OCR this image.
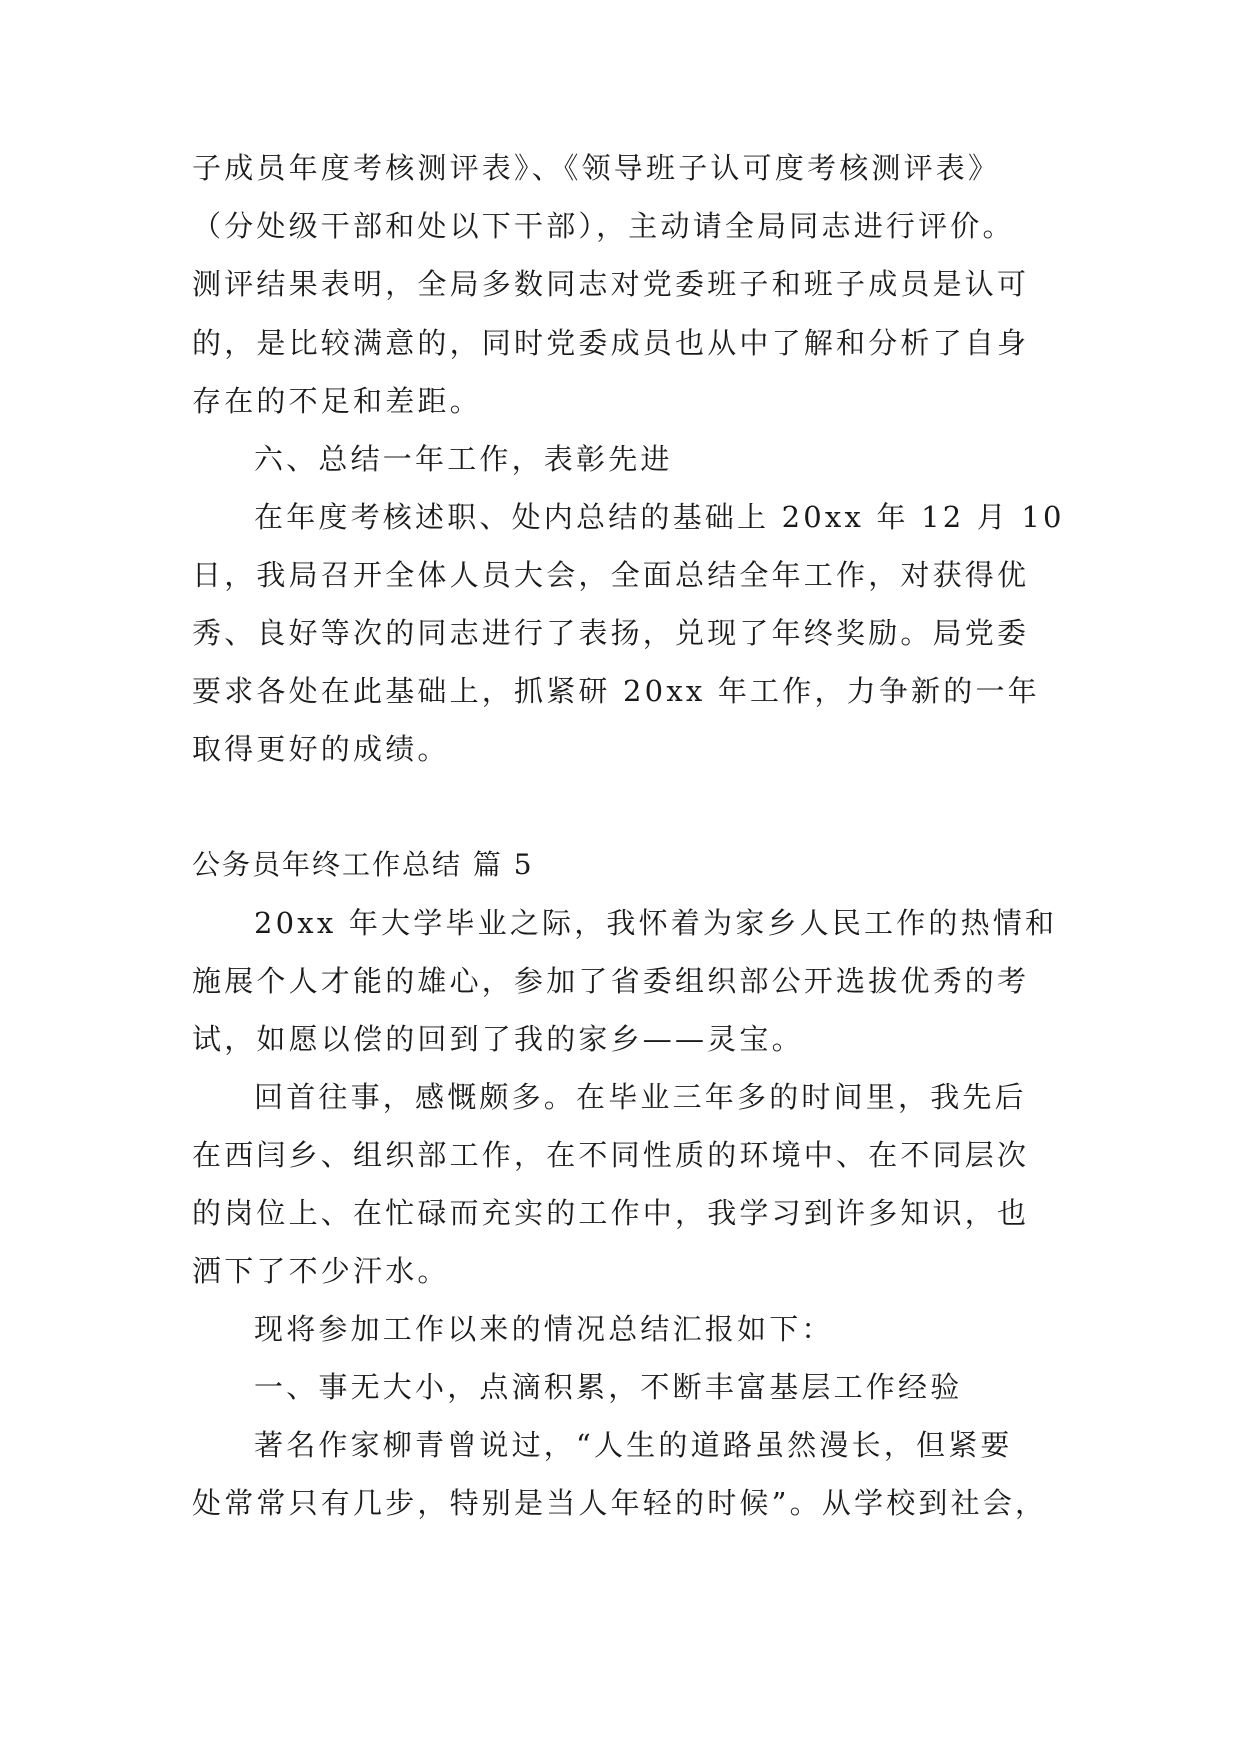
子成员年度考核测评表》、《领导班子认可度考核测评表》
（分处级干部和处以下干部），主动请全局同志进行评价。
测评结果表明，全局多数同志对党委班子和班子成员是认可
的，是比较满意的，同时党委成员也从中了解和分析了自身
存在的不足和差距。
六、总结一年工作，表彰先进
在年度考核述职、处内总结的基础上 20xx 年 12 月 10
日，我局召开全体人员大会，全面总结全年工作，对获得优
秀、良好等次的同志进行了表扬，兑现了年终奖励。局党委
要求各处在此基础上，抓紧研 20xx 年工作，力争新的一年
取得更好的成绩。
公务员年终工作总结 篇 5
20xx 年大学毕业之际，我怀着为家乡人民工作的热情和
施展个人才能的雄心，参加了省委组织部公开选拔优秀的考
试，如愿以偿的回到了我的家乡——灵宝。
回首往事，感慨颇多。在毕业三年多的时间里，我先后
在西闫乡、组织部工作，在不同性质的环境中、在不同层次
的岗位上、在忙碌而充实的工作中，我学习到许多知识，也
洒下了不少汗水。
现将参加工作以来的情况总结汇报如下：
一、事无大小，点滴积累，不断丰富基层工作经验
著名作家柳青曾说过，“人生的道路虽然漫长，但紧要
处常常只有几步，特别是当人年轻的时候”。从学校到社会，
